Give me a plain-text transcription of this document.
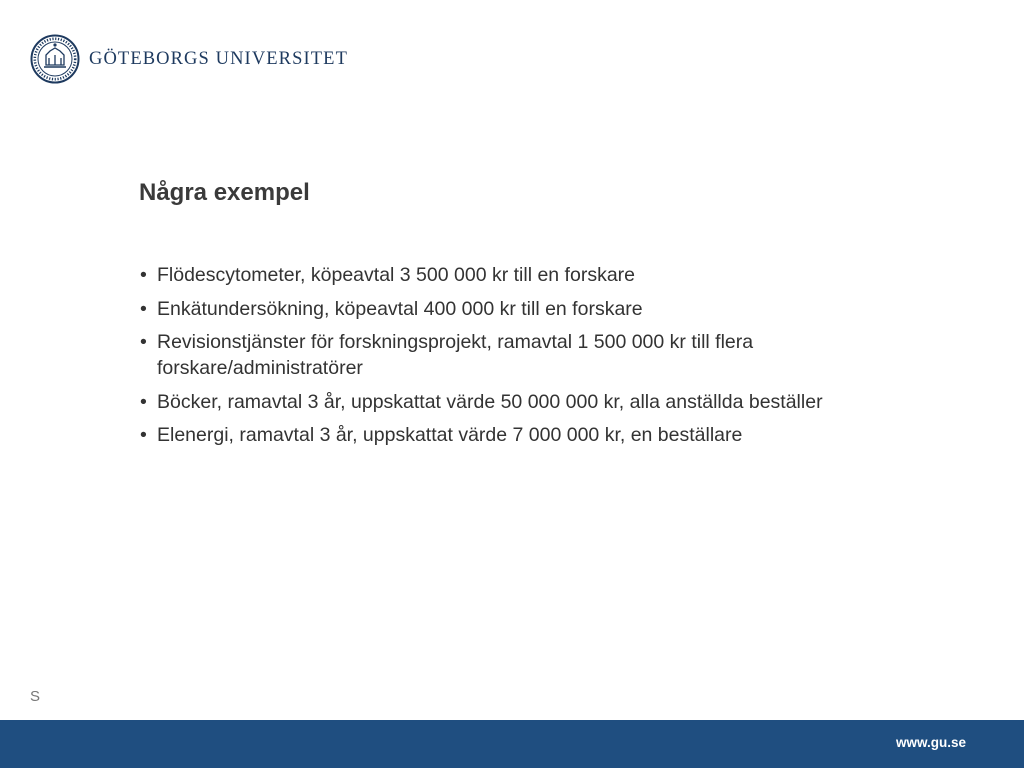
GÖTEBORGS UNIVERSITET
Några exempel
• Flödescytometer, köpeavtal 3 500 000 kr till en forskare
• Enkätundersökning, köpeavtal 400 000 kr till en forskare
• Revisionstjänster för forskningsprojekt, ramavtal 1 500 000 kr till flera forskare/administratörer
• Böcker, ramavtal 3 år, uppskattat värde 50 000 000 kr, alla anställda beställer
• Elenergi, ramavtal 3 år, uppskattat värde 7 000 000 kr, en beställare
S
www.gu.se
